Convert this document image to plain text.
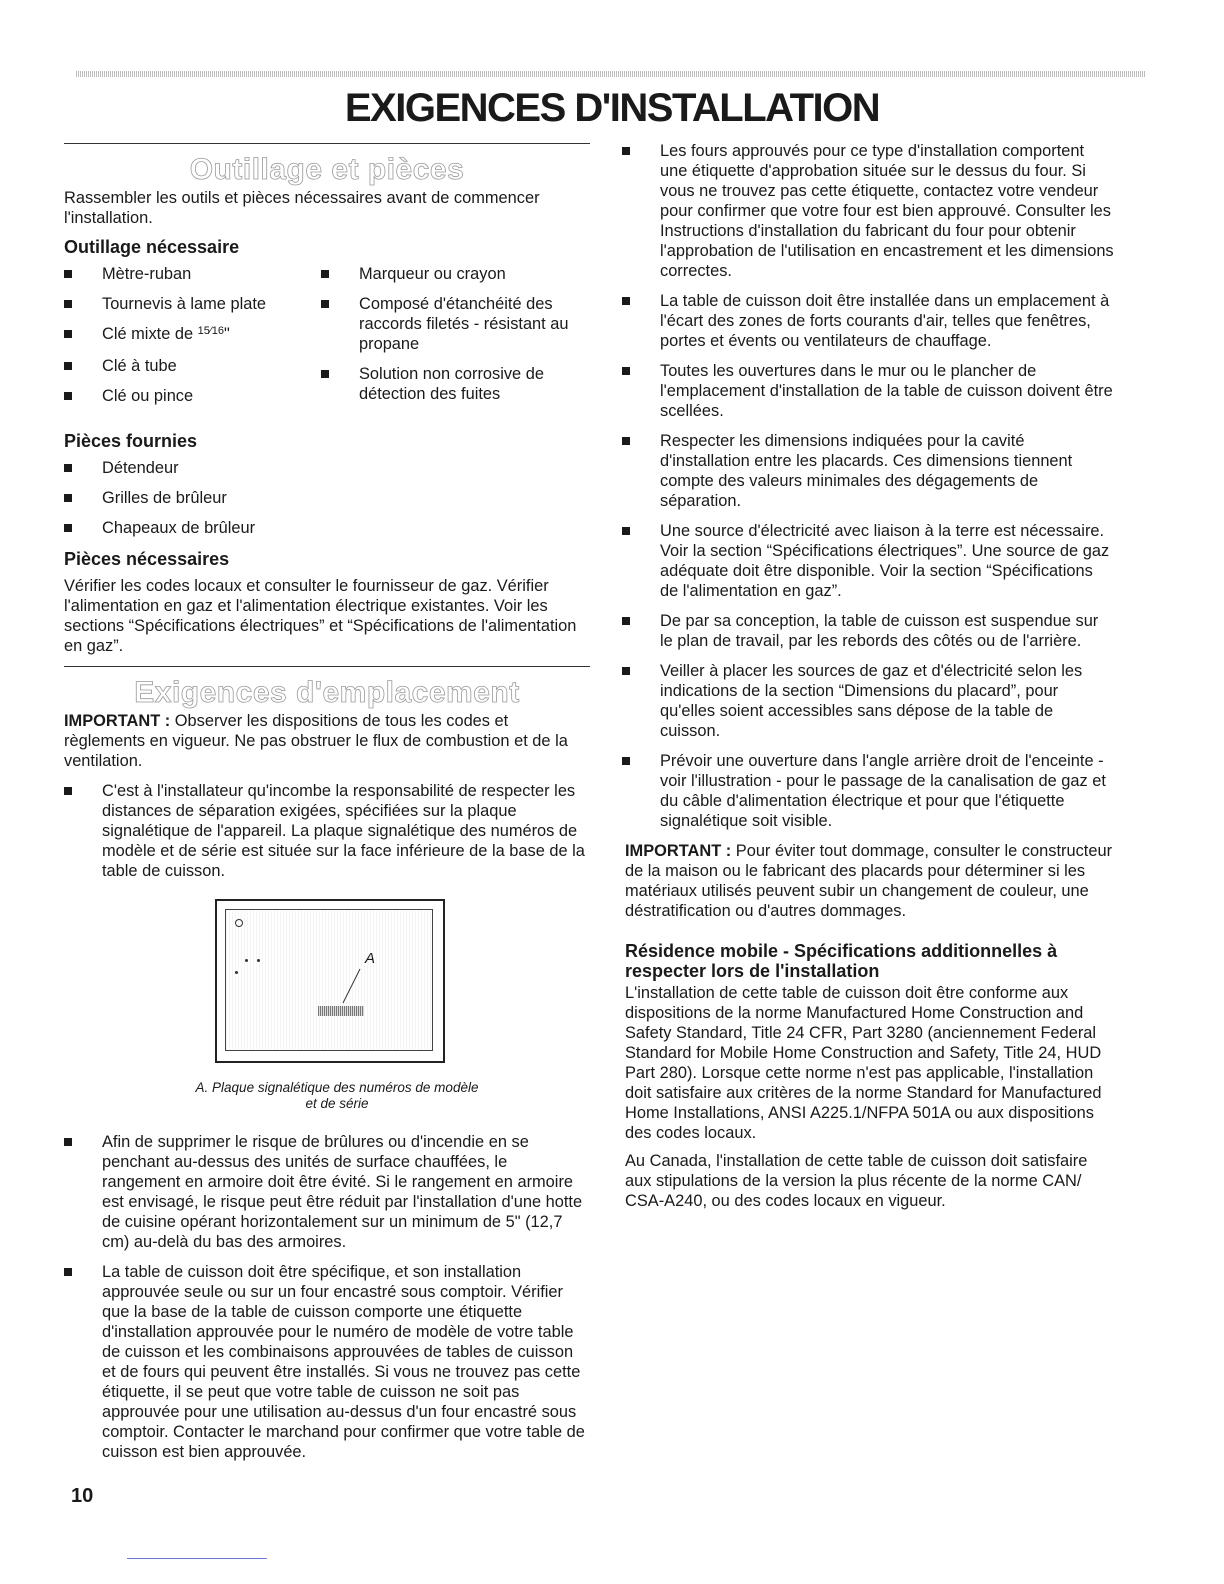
EXIGENCES D'INSTALLATION
Outillage et pièces

Rassembler les outils et pièces nécessaires avant de commencer l'installation.

Outillage nécessaire
Mètre-ruban
Tournevis à lame plate
Clé mixte de $^{15⁄16}$"
Clé à tube
Clé ou pince
Marqueur ou crayon
Composé d'étanchéité des raccords filetés - résistant au propane
Solution non corrosive de détection des fuites
Pièces fournies
Détendeur
Grilles de brûleur
Chapeaux de brûleur
Pièces nécessaires

Vérifier les codes locaux et consulter le fournisseur de gaz. Vérifier l'alimentation en gaz et l'alimentation électrique existantes. Voir les sections “Spécifications électriques” et “Spécifications de l'alimentation en gaz”.

Exigences d'emplacement

IMPORTANT : Observer les dispositions de tous les codes et règlements en vigueur. Ne pas obstruer le flux de combustion et de la ventilation.

C'est à l'installateur qu'incombe la responsabilité de respecter les distances de séparation exigées, spécifiées sur la plaque signalétique de l'appareil. La plaque signalétique des numéros de modèle et de série est située sur la face inférieure de la base de la table de cuisson.
A

A. Plaque signalétique des numéros de modèle et de série

Afin de supprimer le risque de brûlures ou d'incendie en se penchant au-dessus des unités de surface chauffées, le rangement en armoire doit être évité. Si le rangement en armoire est envisagé, le risque peut être réduit par l'installation d'une hotte de cuisine opérant horizontalement sur un minimum de 5" (12,7 cm) au-delà du bas des armoires.
La table de cuisson doit être spécifique, et son installation approuvée seule ou sur un four encastré sous comptoir. Vérifier que la base de la table de cuisson comporte une étiquette d'installation approuvée pour le numéro de modèle de votre table de cuisson et les combinaisons approuvées de tables de cuisson et de fours qui peuvent être installés. Si vous ne trouvez pas cette étiquette, il se peut que votre table de cuisson ne soit pas approuvée pour une utilisation au-dessus d'un four encastré sous comptoir. Contacter le marchand pour confirmer que votre table de cuisson est bien approuvée.
Les fours approuvés pour ce type d'installation comportent une étiquette d'approbation située sur le dessus du four. Si vous ne trouvez pas cette étiquette, contactez votre vendeur pour confirmer que votre four est bien approuvé. Consulter les Instructions d'installation du fabricant du four pour obtenir l'approbation de l'utilisation en encastrement et les dimensions correctes.
La table de cuisson doit être installée dans un emplacement à l'écart des zones de forts courants d'air, telles que fenêtres, portes et évents ou ventilateurs de chauffage.
Toutes les ouvertures dans le mur ou le plancher de l'emplacement d'installation de la table de cuisson doivent être scellées.
Respecter les dimensions indiquées pour la cavité d'installation entre les placards. Ces dimensions tiennent compte des valeurs minimales des dégagements de séparation.
Une source d'électricité avec liaison à la terre est nécessaire. Voir la section “Spécifications électriques”. Une source de gaz adéquate doit être disponible. Voir la section “Spécifications de l'alimentation en gaz”.
De par sa conception, la table de cuisson est suspendue sur le plan de travail, par les rebords des côtés ou de l'arrière.
Veiller à placer les sources de gaz et d'électricité selon les indications de la section “Dimensions du placard”, pour qu'elles soient accessibles sans dépose de la table de cuisson.
Prévoir une ouverture dans l'angle arrière droit de l'enceinte - voir l'illustration - pour le passage de la canalisation de gaz et du câble d'alimentation électrique et pour que l'étiquette signalétique soit visible.

IMPORTANT : Pour éviter tout dommage, consulter le constructeur de la maison ou le fabricant des placards pour déterminer si les matériaux utilisés peuvent subir un changement de couleur, une déstratification ou d'autres dommages.

Résidence mobile - Spécifications additionnelles à respecter lors de l'installation

L'installation de cette table de cuisson doit être conforme aux dispositions de la norme Manufactured Home Construction and Safety Standard, Title 24 CFR, Part 3280 (anciennement Federal Standard for Mobile Home Construction and Safety, Title 24, HUD Part 280). Lorsque cette norme n'est pas applicable, l'installation doit satisfaire aux critères de la norme Standard for Manufactured Home Installations, ANSI A225.1/NFPA 501A ou aux dispositions des codes locaux.

Au Canada, l'installation de cette table de cuisson doit satisfaire aux stipulations de la version la plus récente de la norme CAN/ CSA-A240, ou des codes locaux en vigueur.

10
